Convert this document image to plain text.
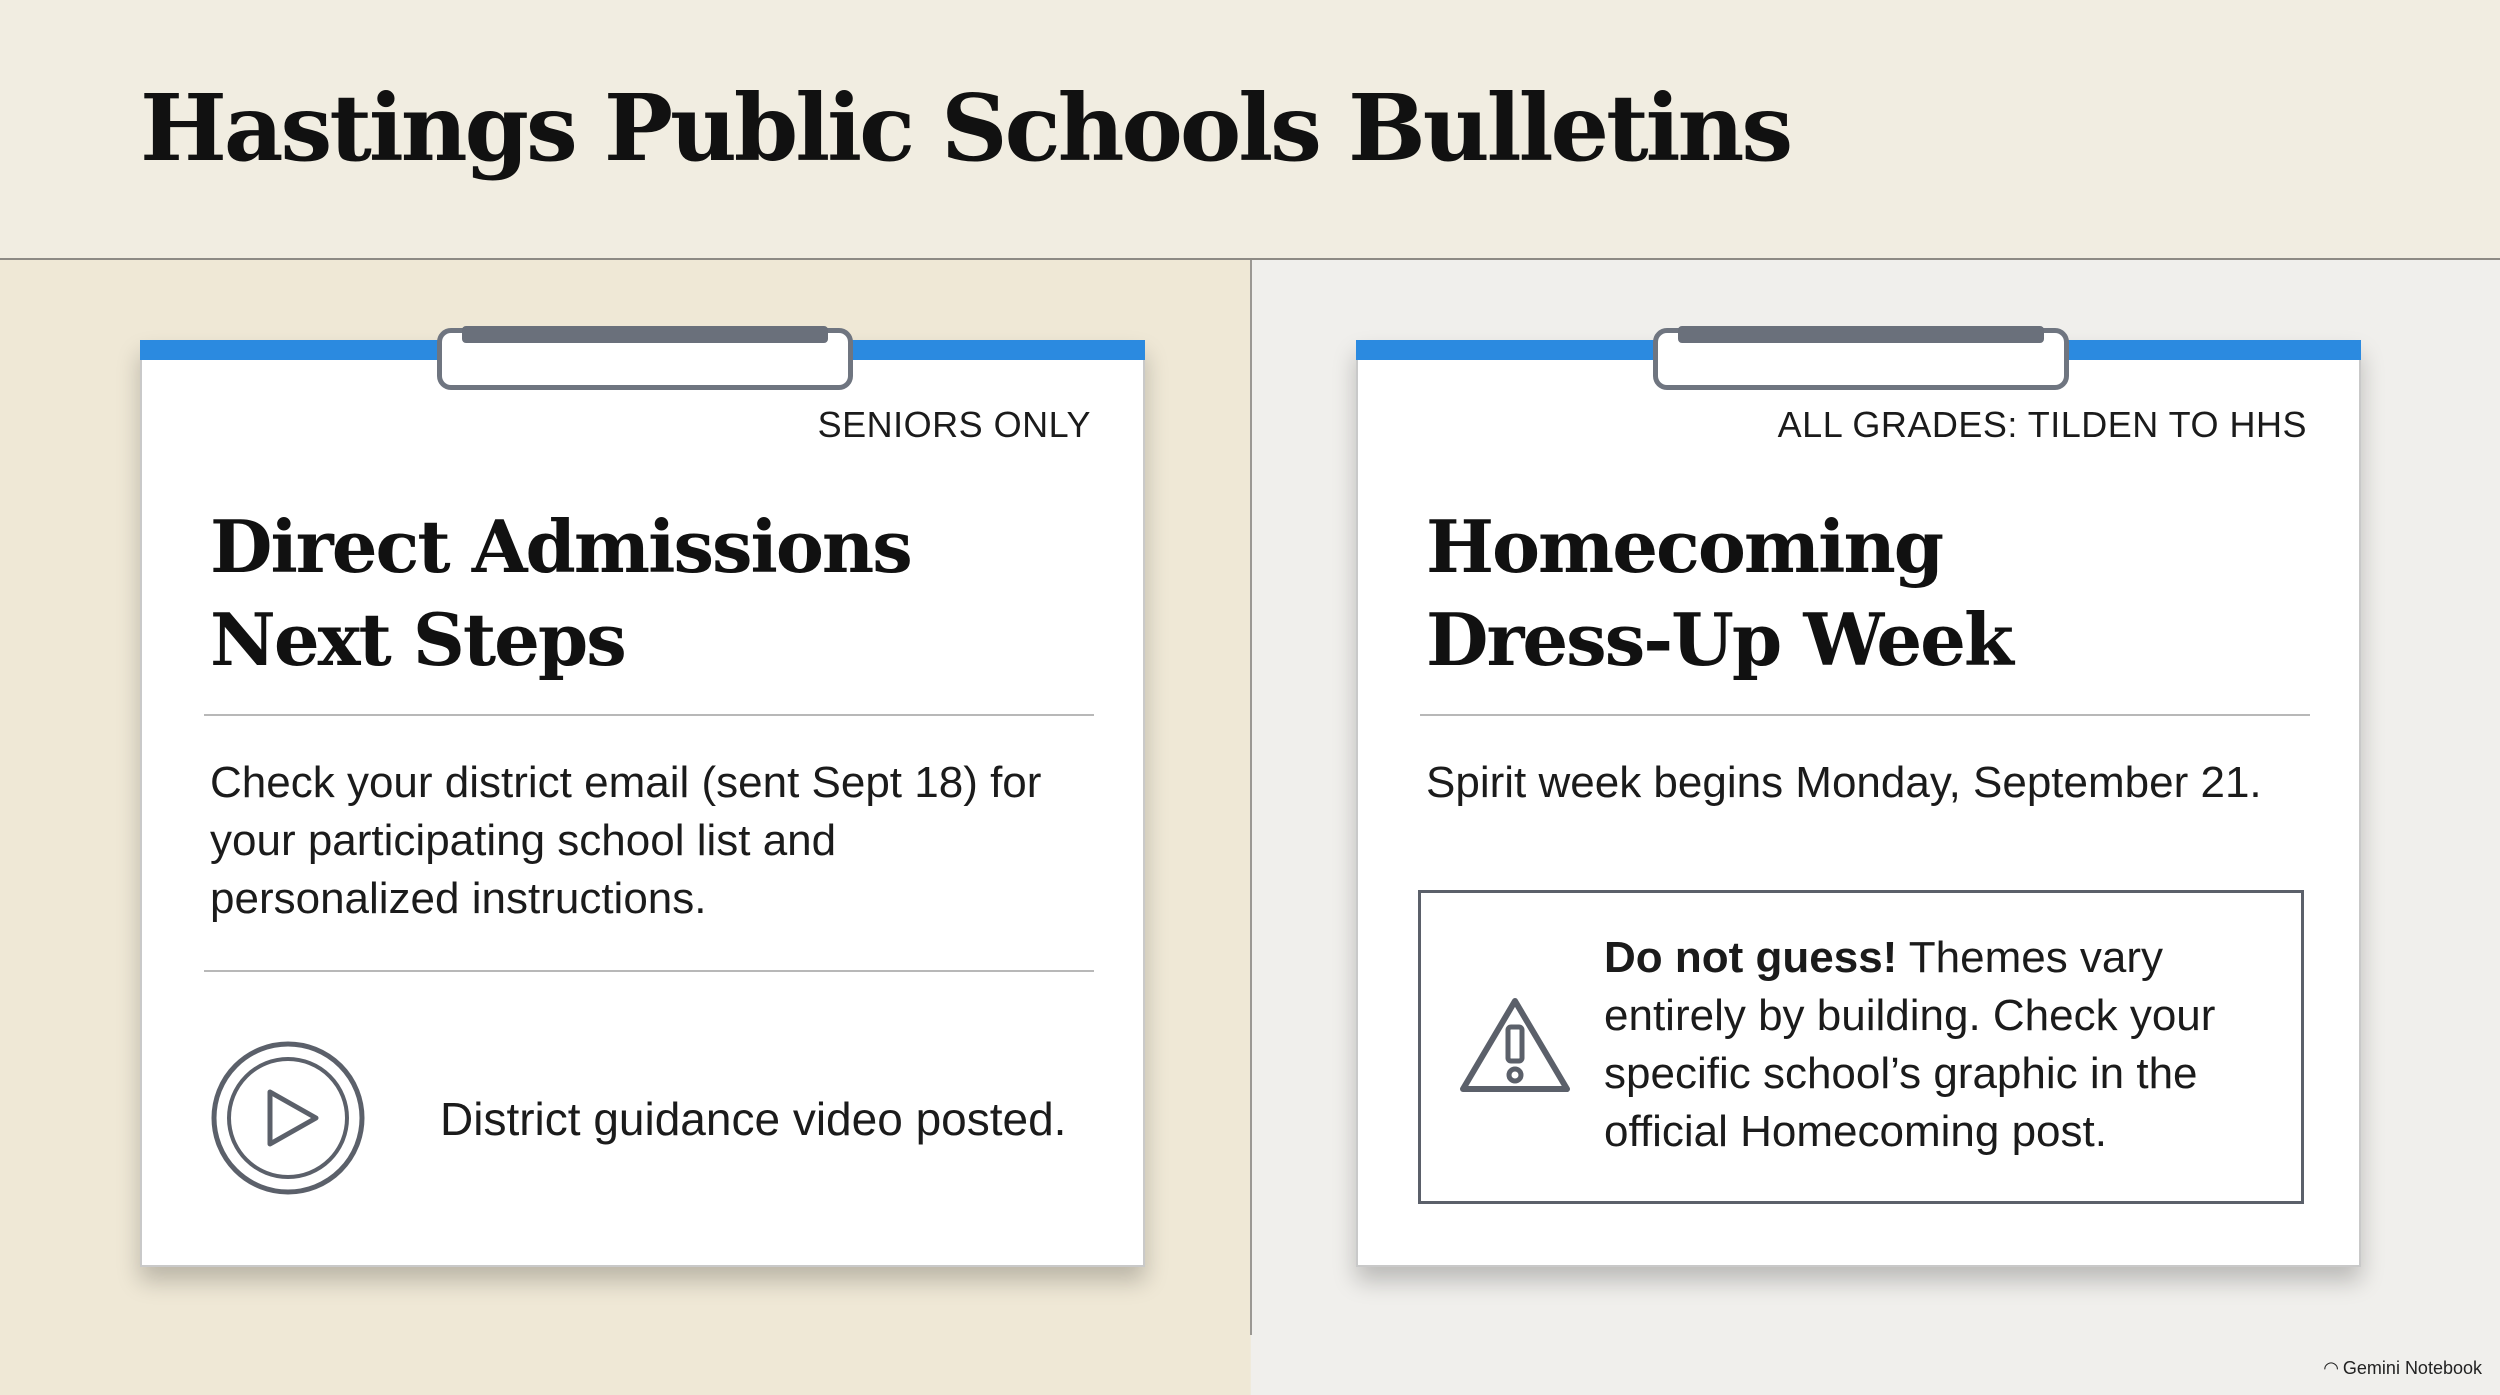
Hastings Public Schools Bulletins
SENIORS ONLY
Direct Admissions
Next Steps

Check your district email (sent Sept 18) for your participating school list and personalized instructions.

District guidance video posted.
ALL GRADES: TILDEN TO HHS
Homecoming
Dress-Up Week

Spirit week begins Monday, September 21.

Do not guess! Themes vary entirely by building. Check your specific school’s graphic in the official Homecoming post.

◠ Gemini Notebook
